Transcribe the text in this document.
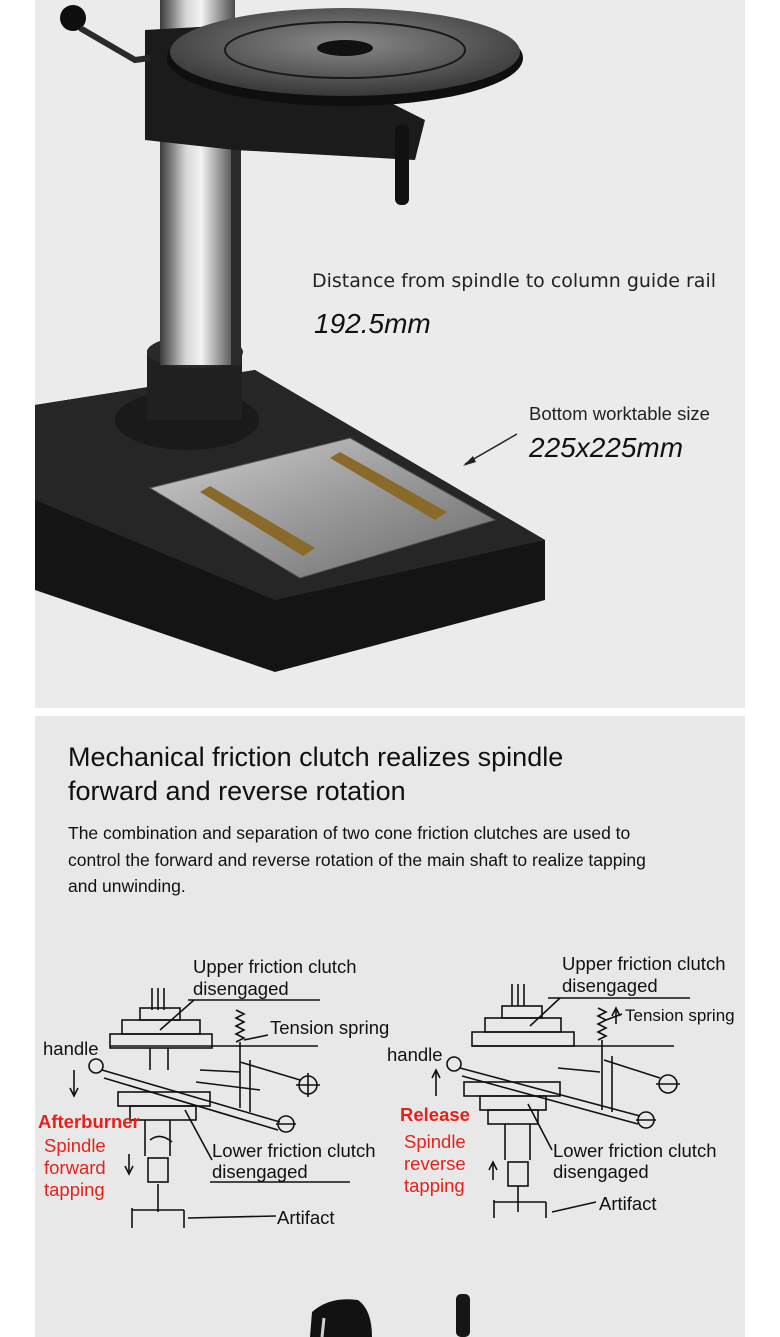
Distance from spindle to column guide rail
192.5mm
Bottom worktable size
225x225mm
Mechanical friction clutch realizes spindle
forward and reverse rotation

The combination and separation of two cone friction clutches are used to
control the forward and reverse rotation of the main shaft to realize tapping
and unwinding.

Upper friction clutch
disengaged
Tension spring
handle
Afterburner
Spindle
forward
tapping
Lower friction clutch
disengaged
Artifact
Upper friction clutch
disengaged
Tension spring
handle
Release
Spindle
reverse
tapping
Lower friction clutch
disengaged
Artifact
